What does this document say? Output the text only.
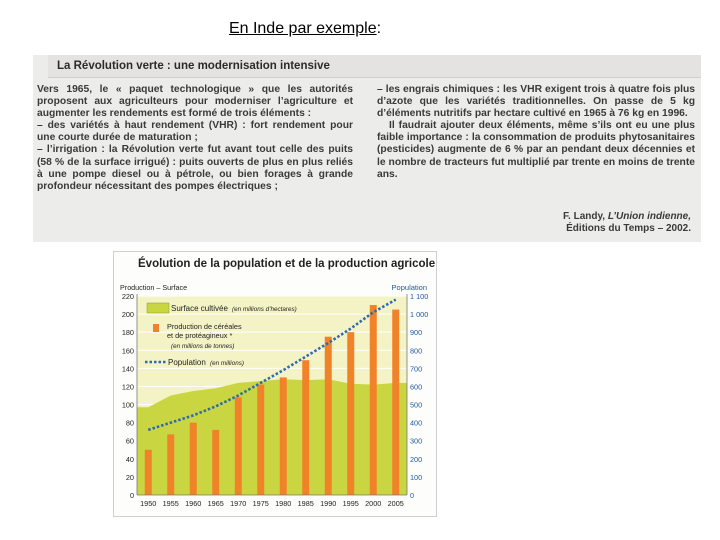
En Inde par exemple:
La Révolution verte : une modernisation intensive

Vers 1965, le « paquet technologique » que les autorités proposent aux agriculteurs pour moderniser l’agriculture et augmenter les rendements est formé de trois éléments :

– des variétés à haut rendement (VHR) : fort rendement pour une courte durée de maturation ;

– l’irrigation : la Révolution verte fut avant tout celle des puits (58 % de la surface irrigué) : puits ouverts de plus en plus reliés à une pompe diesel ou à pétrole, ou bien forages à grande profondeur nécessitant des pompes électriques ;

– les engrais chimiques : les VHR exigent trois à quatre fois plus d’azote que les variétés traditionnelles. On passe de 5 kg d’éléments nutritifs par hectare cultivé en 1965 à 76 kg en 1996.

Il faudrait ajouter deux éléments, même s’ils ont eu une plus faible importance : la consommation de produits phytosanitaires (pesticides) augmente de 6 % par an pendant deux décennies et le nombre de tracteurs fut multiplié par trente en moins de trente ans.

F. Landy, L’Union indienne,
Éditions du Temps – 2002.
Évolution de la population et de la production agricole
0
20
40
60
80
100
120
140
160
180
200
220
0
100
200
300
400
500
600
700
800
900
1 000
1 100
1950 1955 1960 1965 1970 1975 1980 1985 1990 1995 2000 2005
Production – Surface	Population
Surface cultivée (en millions d’hectares)
Production de céréales
et de protéagineux *
(en millions de tonnes)
Population (en millions)
